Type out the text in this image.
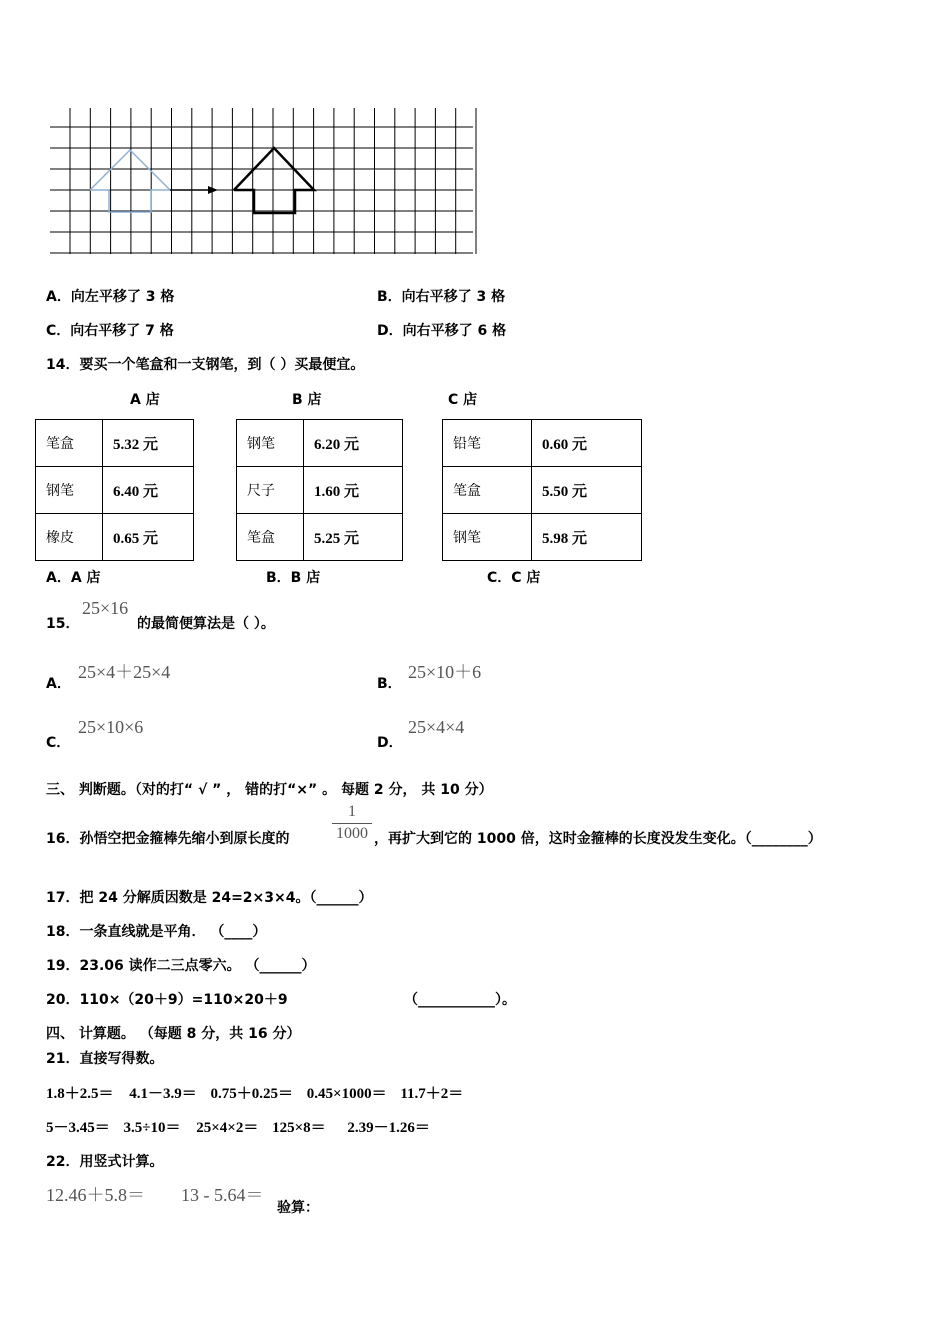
A．向左平移了 3 格	B．向右平移了 3 格
C．向右平移了 7 格	D．向右平移了 6 格
14．要买一个笔盒和一支钢笔，到（ ）买最便宜。
A 店	B 店	C 店
笔盒	5.32 元
钢笔	6.40 元
橡皮	0.65 元
钢笔	6.20 元
尺子	1.60 元
笔盒	5.25 元
铅笔	0.60 元
笔盒	5.50 元
钢笔	5.98 元
A．A 店	B．B 店	C．C 店
15．
25×16
的最简便算法是（ ）。
A．
25×4＋25×4
B．
25×10＋6
C．
25×10×6
D．
25×4×4
三、 判断题。（对的打“ √ ” ， 错的打“×” 。 每题 2 分， 共 10 分）
16．孙悟空把金箍棒先缩小到原长度的	$\frac{1}{1000}$ ，再扩大到它的 1000 倍，这时金箍棒的长度没发生变化。（________）
17．把 24 分解质因数是 24=2×3×4。（______）
18．一条直线就是平角． （____）
19．23.06 读作二三点零六。 （______）
20．110×（20＋9）=110×20＋9	（___________）。
四、 计算题。 （每题 8 分，共 16 分）
21．直接写得数。
1.8＋2.5＝ 4.1－3.9＝ 0.75＋0.25＝ 0.45×1000＝ 11.7＋2＝
5－3.45＝ 3.5÷10＝ 25×4×2＝ 125×8＝ 2.39－1.26＝
22．用竖式计算。
12.46＋5.8＝ 13 - 5.64＝
验算：
